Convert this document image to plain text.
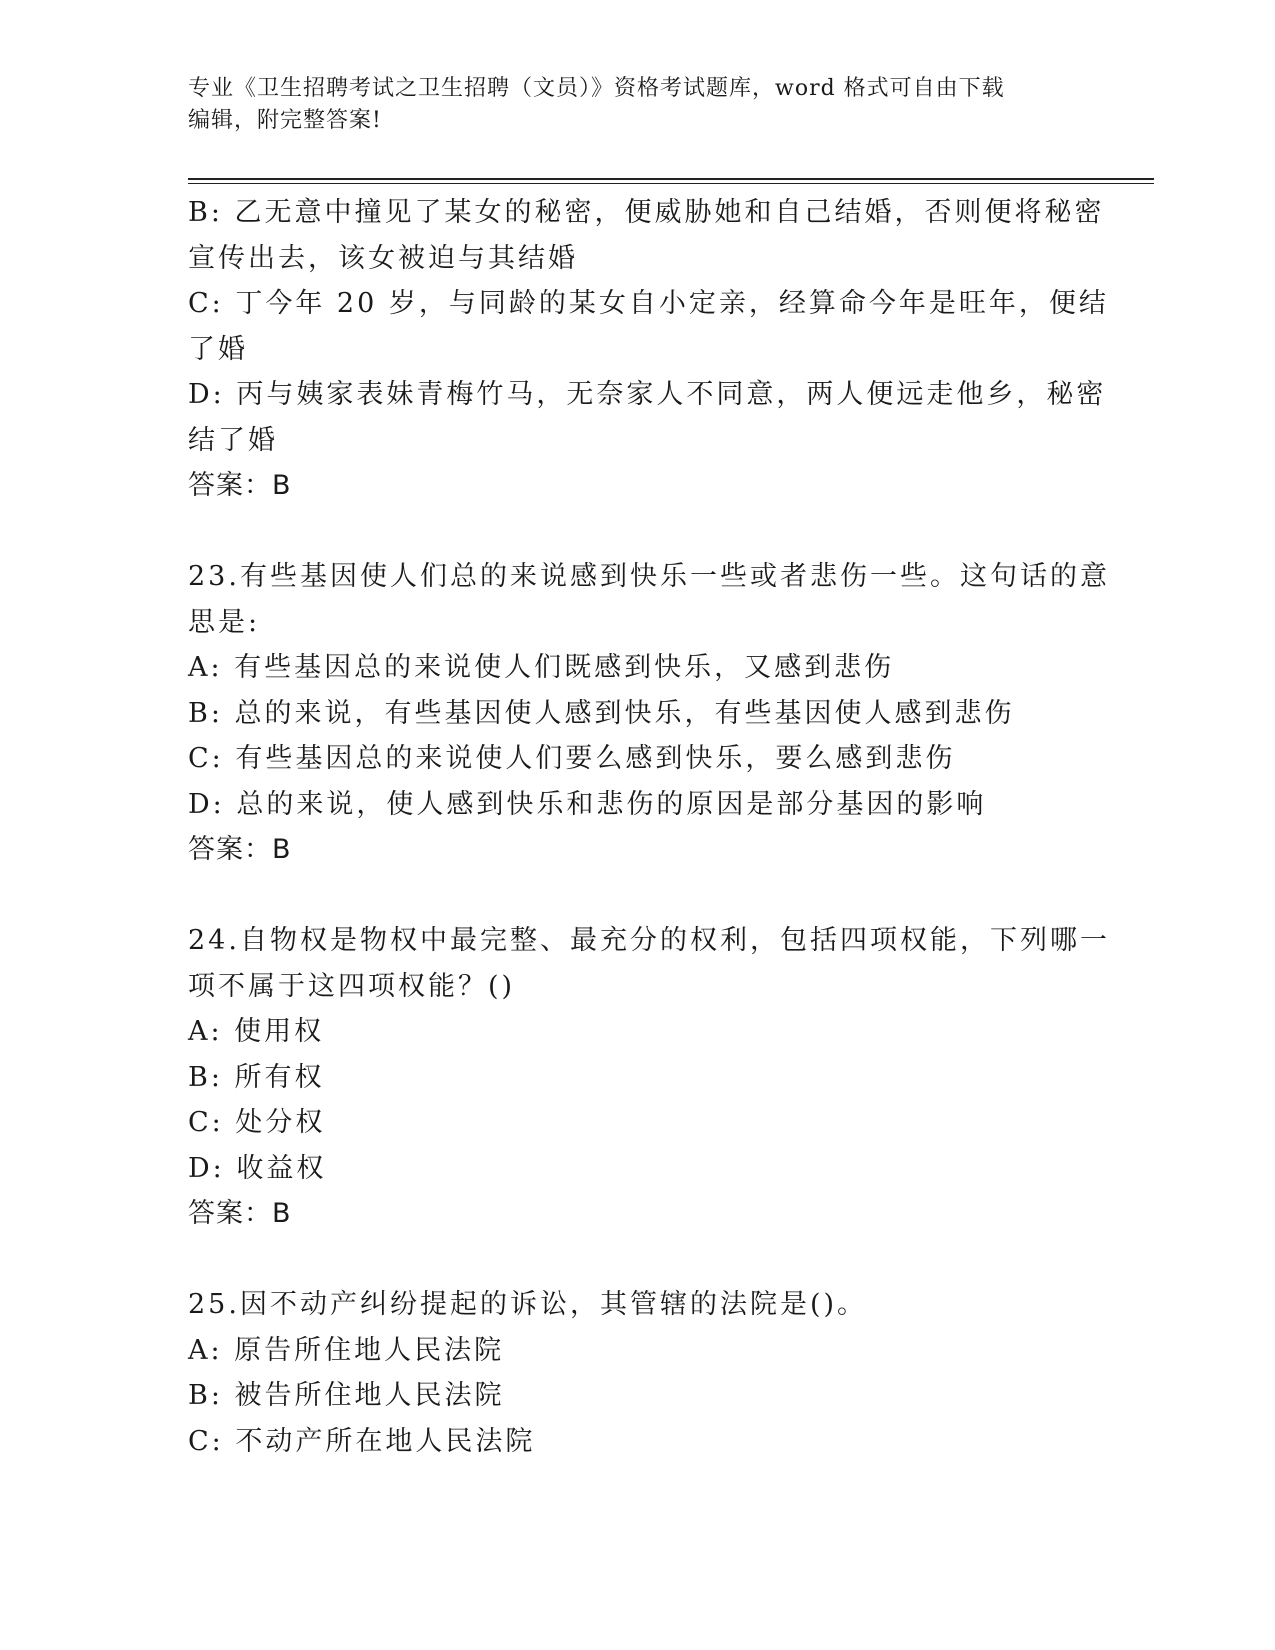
专业《卫生招聘考试之卫生招聘（文员）》资格考试题库，word 格式可自由下载
编辑，附完整答案!
B: 乙无意中撞见了某女的秘密，便威胁她和自己结婚，否则便将秘密
宣传出去，该女被迫与其结婚
C: 丁今年 20 岁，与同龄的某女自小定亲，经算命今年是旺年，便结
了婚
D: 丙与姨家表妹青梅竹马，无奈家人不同意，两人便远走他乡，秘密
结了婚
答案：B
23.有些基因使人们总的来说感到快乐一些或者悲伤一些。这句话的意
思是:
A: 有些基因总的来说使人们既感到快乐，又感到悲伤
B: 总的来说，有些基因使人感到快乐，有些基因使人感到悲伤
C: 有些基因总的来说使人们要么感到快乐，要么感到悲伤
D: 总的来说，使人感到快乐和悲伤的原因是部分基因的影响
答案：B
24.自物权是物权中最完整、最充分的权利，包括四项权能，下列哪一
项不属于这四项权能？()
A: 使用权
B: 所有权
C: 处分权
D: 收益权
答案：B
25.因不动产纠纷提起的诉讼，其管辖的法院是()。
A: 原告所住地人民法院
B: 被告所住地人民法院
C: 不动产所在地人民法院
